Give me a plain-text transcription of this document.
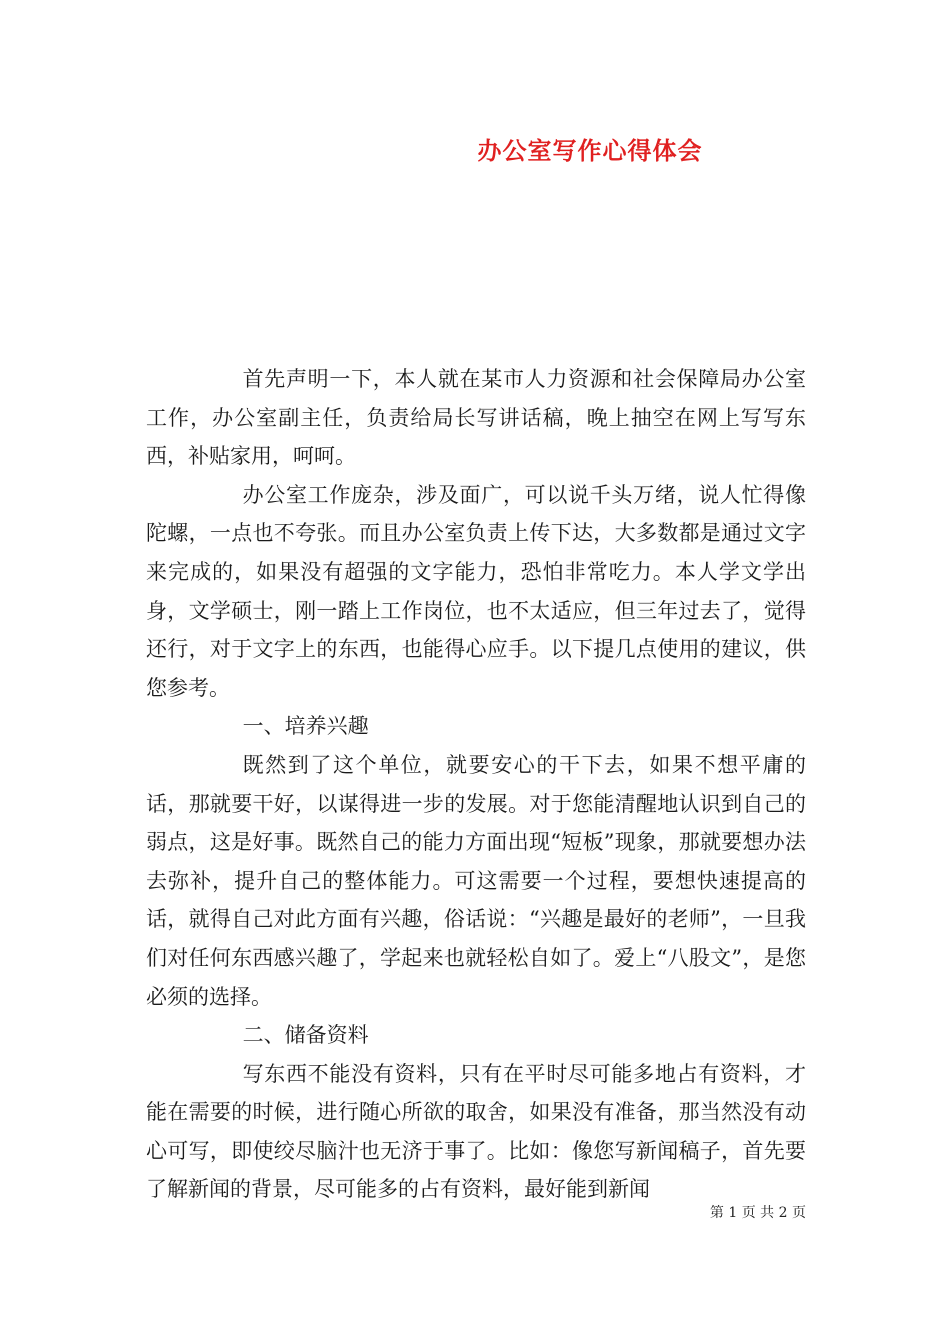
办公室写作心得体会

首先声明一下，本人就在某市人力资源和社会保障局办公室工作，办公室副主任，负责给局长写讲话稿，晚上抽空在网上写写东西，补贴家用，呵呵。

办公室工作庞杂，涉及面广，可以说千头万绪，说人忙得像陀螺，一点也不夸张。而且办公室负责上传下达，大多数都是通过文字来完成的，如果没有超强的文字能力，恐怕非常吃力。本人学文学出身，文学硕士，刚一踏上工作岗位，也不太适应，但三年过去了，觉得还行，对于文字上的东西，也能得心应手。以下提几点使用的建议，供您参考。

一、培养兴趣

既然到了这个单位，就要安心的干下去，如果不想平庸的话，那就要干好，以谋得进一步的发展。对于您能清醒地认识到自己的弱点，这是好事。既然自己的能力方面出现“短板”现象，那就要想办法去弥补，提升自己的整体能力。可这需要一个过程，要想快速提高的话，就得自己对此方面有兴趣，俗话说：“兴趣是最好的老师”，一旦我们对任何东西感兴趣了，学起来也就轻松自如了。爱上“八股文”，是您必须的选择。

二、储备资料

写东西不能没有资料，只有在平时尽可能多地占有资料，才能在需要的时候，进行随心所欲的取舍，如果没有准备，那当然没有动心可写，即使绞尽脑汁也无济于事了。比如：像您写新闻稿子，首先要了解新闻的背景，尽可能多的占有资料，最好能到新闻

第 1 页 共 2 页
